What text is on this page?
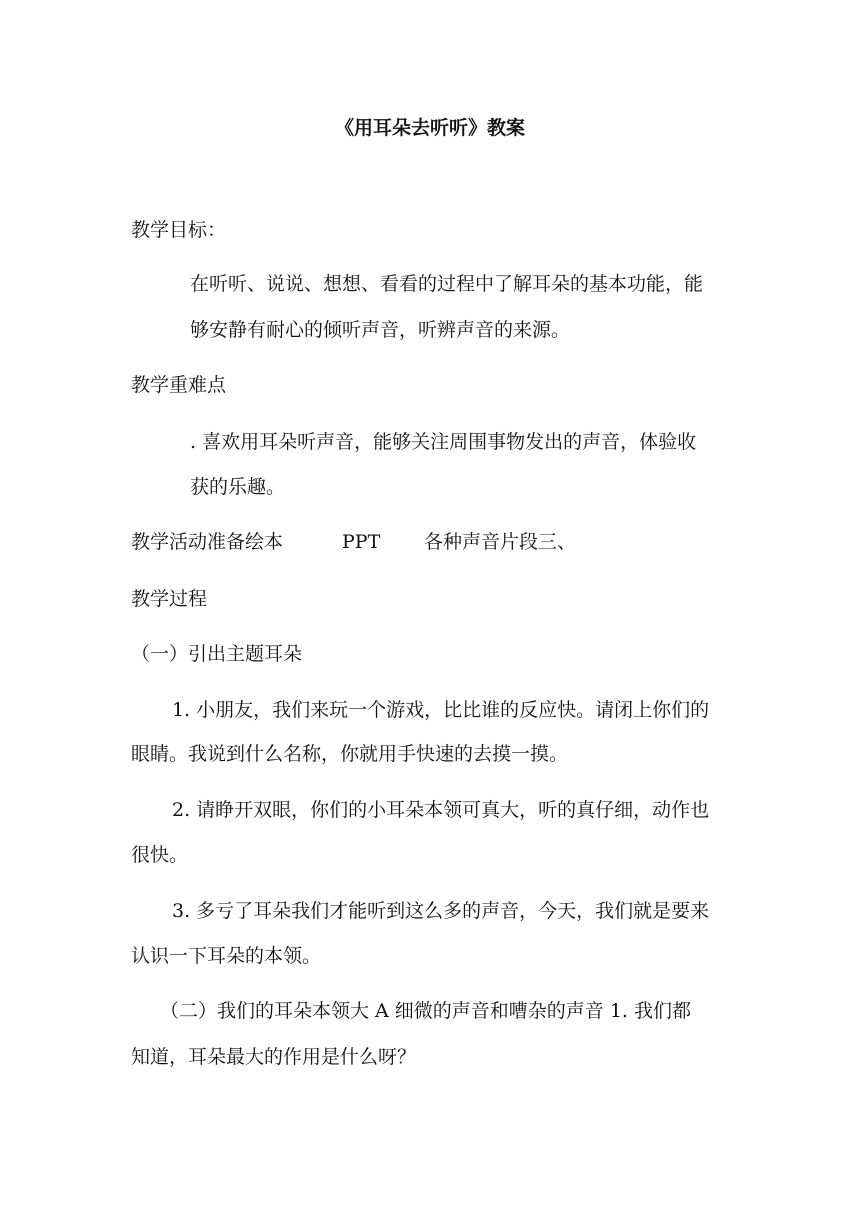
《用耳朵去听听》教案
教学目标：
在听听、说说、想想、看看的过程中了解耳朵的基本功能，能
够安静有耐心的倾听声音，听辨声音的来源。
教学重难点
. 喜欢用耳朵听声音，能够关注周围事物发出的声音，体验收
获的乐趣。
教学活动准备绘本	PPT 各种声音片段三、
教学过程
（一）引出主题耳朵
1. 小朋友，我们来玩一个游戏，比比谁的反应快。请闭上你们的
眼睛。我说到什么名称，你就用手快速的去摸一摸。
2. 请睁开双眼，你们的小耳朵本领可真大，听的真仔细，动作也
很快。
3. 多亏了耳朵我们才能听到这么多的声音，今天，我们就是要来
认识一下耳朵的本领。
（二）我们的耳朵本领大 A 细微的声音和嘈杂的声音 1. 我们都
知道，耳朵最大的作用是什么呀？
